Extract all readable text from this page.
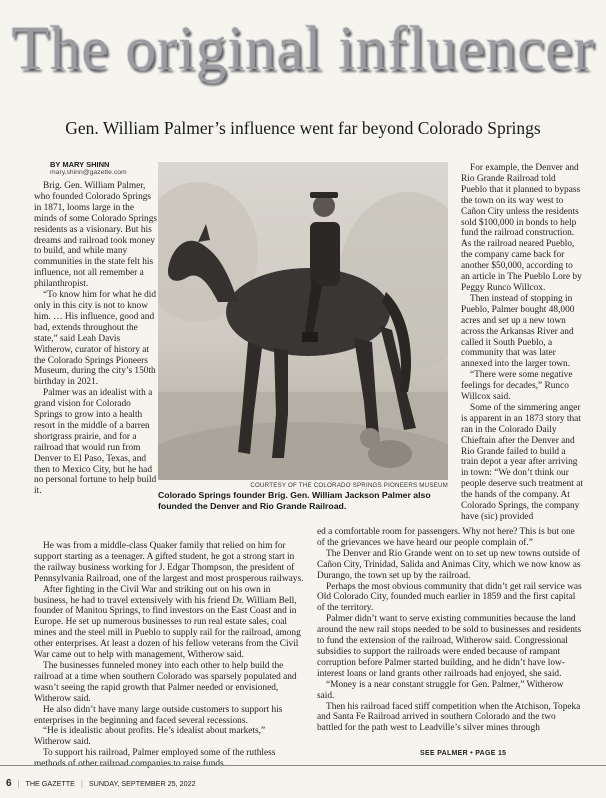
The original influencer
Gen. William Palmer’s influence went far beyond Colorado Springs
BY MARY SHINN
mary.shinn@gazette.com

Brig. Gen. William Palmer, who founded Colorado Springs in 1871, looms large in the minds of some Colorado Springs residents as a visionary. But his dreams and railroad took money to build, and while many communities in the state felt his influence, not all remember a philanthropist.

“To know him for what he did only in this city is not to know him. … His influence, good and bad, extends throughout the state,” said Leah Davis Witherow, curator of history at the Colorado Springs Pioneers Museum, during the city’s 150th birthday in 2021.

Palmer was an idealist with a grand vision for Colorado Springs to grow into a health resort in the middle of a barren shortgrass prairie, and for a railroad that would run from Denver to El Paso, Texas, and then to Mexico City, but he had no personal fortune to help build it.

COURTESY OF THE COLORADO SPRINGS PIONEERS MUSEUM
Colorado Springs founder Brig. Gen. William Jackson Palmer also founded the Denver and Rio Grande Railroad.

For example, the Denver and Rio Grande Railroad told Pueblo that it planned to bypass the town on its way west to Cañon City unless the residents sold $100,000 in bonds to help fund the railroad construction. As the railroad neared Pueblo, the company came back for another $50,000, according to an article in The Pueblo Lore by Peggy Runco Willcox.

Then instead of stopping in Pueblo, Palmer bought 48,000 acres and set up a new town across the Arkansas River and called it South Pueblo, a community that was later annexed into the larger town.

“There were some negative feelings for decades,” Runco Willcox said.

Some of the simmering anger is apparent in an 1873 story that ran in the Colorado Daily Chieftain after the Denver and Rio Grande failed to build a train depot a year after arriving in town: “We don’t think our people deserve such treatment at the hands of the company. At Colorado Springs, the company have (sic) provided

He was from a middle-class Quaker family that relied on him for support starting as a teenager. A gifted student, he got a strong start in the railway business working for J. Edgar Thompson, the president of Pennsylvania Railroad, one of the largest and most prosperous railways.

After fighting in the Civil War and striking out on his own in business, he had to travel extensively with his friend Dr. William Bell, founder of Manitou Springs, to find investors on the East Coast and in Europe. He set up numerous businesses to run real estate sales, coal mines and the steel mill in Pueblo to supply rail for the railroad, among other enterprises. At least a dozen of his fellow veterans from the Civil War came out to help with management, Witherow said.

The businesses funneled money into each other to help build the railroad at a time when southern Colorado was sparsely populated and wasn’t seeing the rapid growth that Palmer needed or envisioned, Witherow said.

He also didn’t have many large outside customers to support his enterprises in the beginning and faced several recessions.

“He is idealistic about profits. He’s idealist about markets,” Witherow said.

To support his railroad, Palmer employed some of the ruthless

ed a comfortable room for passengers. Why not here? This is but one of the grievances we have heard our people complain of.”

The Denver and Rio Grande went on to set up new towns outside of Cañon City, Trinidad, Salida and Animas City, which we now know as Durango, the town set up by the railroad.

Perhaps the most obvious community that didn’t get rail service was Old Colorado City, founded much earlier in 1859 and the first capital of the territory.

Palmer didn’t want to serve existing communities because the land around the new rail stops needed to be sold to businesses and residents to fund the extension of the railroad, Witherow said. Congressional subsidies to support the railroads were ended because of rampant corruption before Palmer started building, and he didn’t have low-interest loans or land grants other railroads had enjoyed, she said.

“Money is a near constant struggle for Gen. Palmer,” Witherow said.

Then his railroad faced stiff competition when the Atchison, Topeka and Santa Fe Railroad arrived in southern Colorado and the two battled for the path west to Leadville’s silver mines through

SEE PALMER • PAGE 15
6 | THE GAZETTE | SUNDAY, SEPTEMBER 25, 2022
